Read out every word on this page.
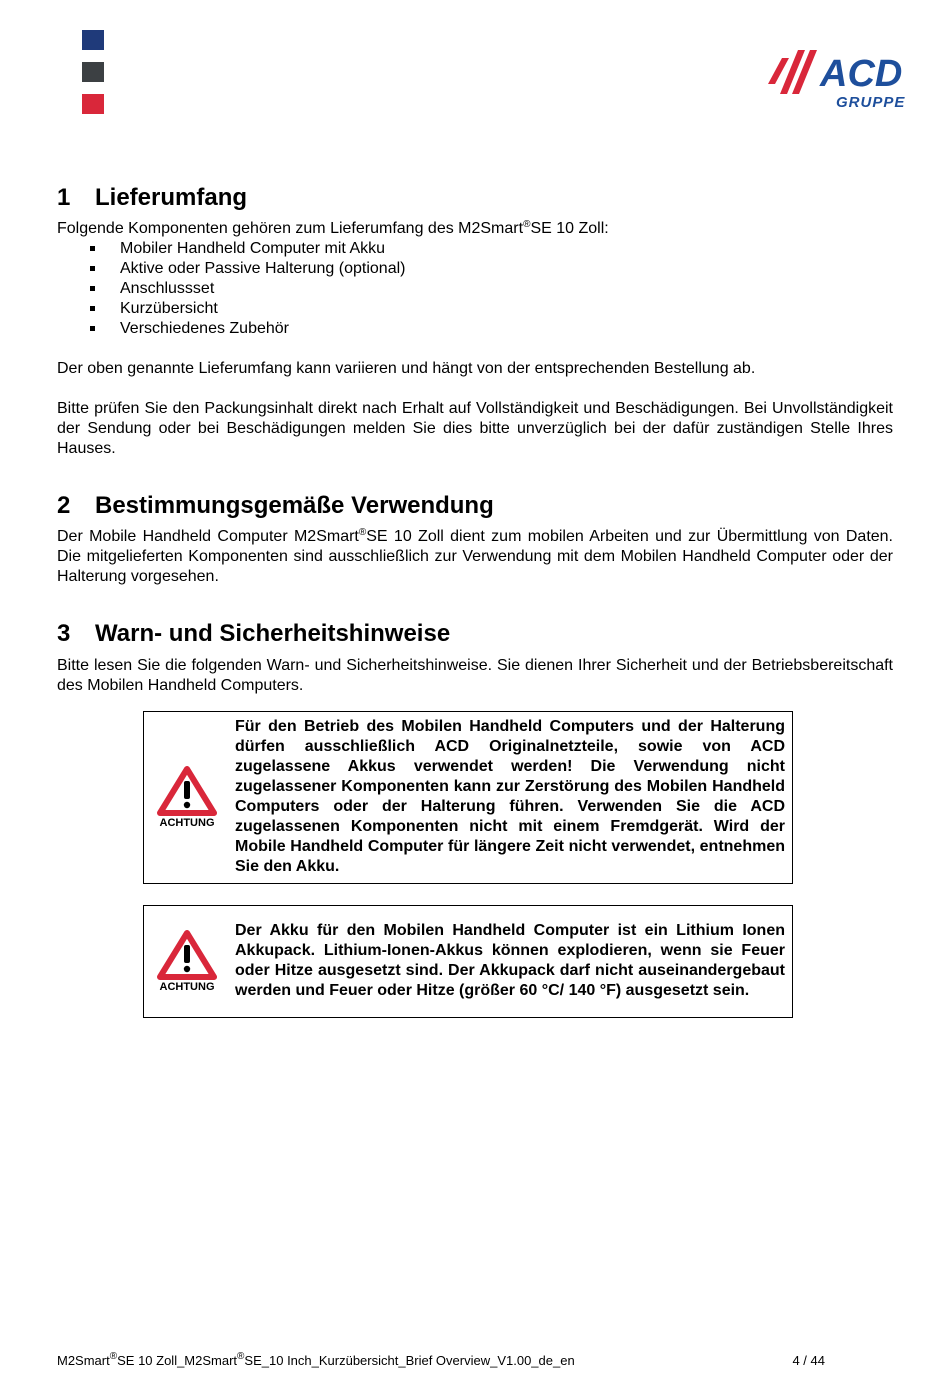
ACD
GRUPPE
1 Lieferumfang

Folgende Komponenten gehören zum Lieferumfang des M2Smart®SE 10 Zoll:

Mobiler Handheld Computer mit Akku
Aktive oder Passive Halterung (optional)
Anschlussset
Kurzübersicht
Verschiedenes Zubehör

Der oben genannte Lieferumfang kann variieren und hängt von der entsprechenden Bestellung ab.

Bitte prüfen Sie den Packungsinhalt direkt nach Erhalt auf Vollständigkeit und Beschädigungen. Bei Unvollständigkeit der Sendung oder bei Beschädigungen melden Sie dies bitte unverzüglich bei der dafür zuständigen Stelle Ihres Hauses.

2 Bestimmungsgemäße Verwendung

Der Mobile Handheld Computer M2Smart®SE 10 Zoll dient zum mobilen Arbeiten und zur Übermittlung von Daten. Die mitgelieferten Komponenten sind ausschließlich zur Verwendung mit dem Mobilen Handheld Computer oder der Halterung vorgesehen.

3 Warn- und Sicherheitshinweise

Bitte lesen Sie die folgenden Warn- und Sicherheitshinweise. Sie dienen Ihrer Sicherheit und der Betriebsbereitschaft des Mobilen Handheld Computers.

ACHTUNG
Für den Betrieb des Mobilen Handheld Computers und der Halterung dürfen ausschließlich ACD Originalnetzteile, sowie von ACD zugelassene Akkus verwendet werden! Die Verwendung nicht zugelassener Komponenten kann zur Zerstörung des Mobilen Handheld Computers oder der Halterung führen. Verwenden Sie die ACD zugelassenen Komponenten nicht mit einem Fremdgerät. Wird der Mobile Handheld Computer für längere Zeit nicht verwendet, entnehmen Sie den Akku.
ACHTUNG
Der Akku für den Mobilen Handheld Computer ist ein Lithium Ionen Akkupack. Lithium-Ionen-Akkus können explodieren, wenn sie Feuer oder Hitze ausgesetzt sind. Der Akkupack darf nicht auseinandergebaut werden und Feuer oder Hitze (größer 60 °C/ 140 °F) ausgesetzt sein.
M2Smart®SE 10 Zoll_M2Smart®SE_10 Inch_Kurzübersicht_Brief Overview_V1.00_de_en	4 / 44
